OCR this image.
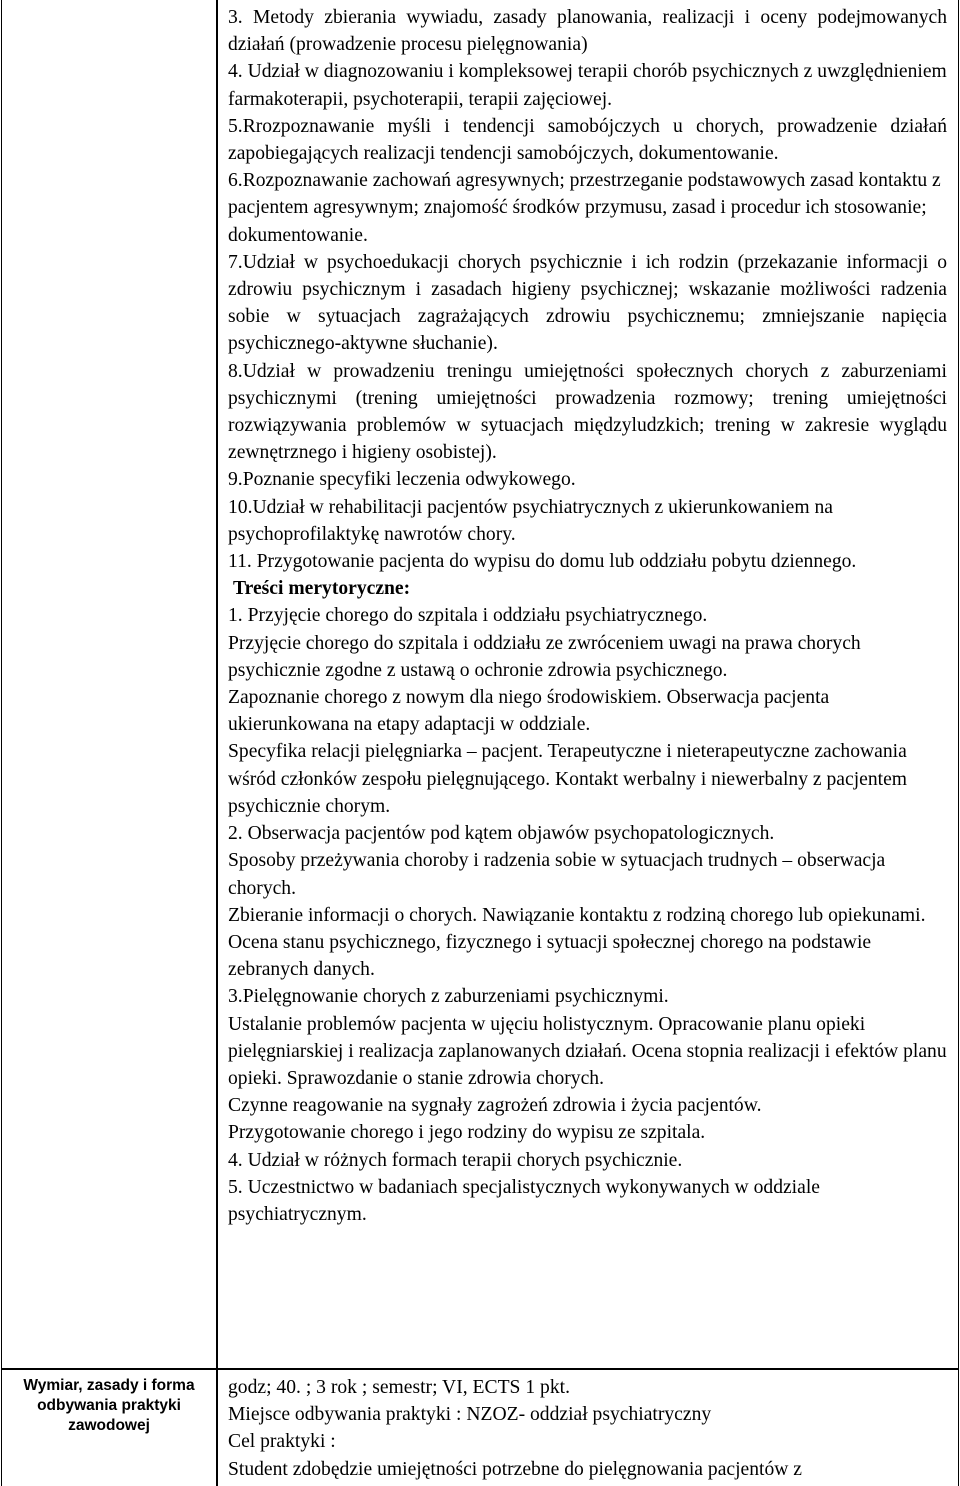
Wymiar, zasady i forma odbywania praktyki zawodowej

3. Metody zbierania wywiadu, zasady planowania, realizacji i oceny podejmowanych działań (prowadzenie procesu pielęgnowania)

4. Udział w diagnozowaniu i kompleksowej terapii chorób psychicznych z uwzględnieniem farmakoterapii, psychoterapii, terapii zajęciowej.

5.Rrozpoznawanie myśli i tendencji samobójczych u chorych, prowadzenie działań zapobiegających realizacji tendencji samobójczych, dokumentowanie.

6.Rozpoznawanie zachowań agresywnych; przestrzeganie podstawowych zasad kontaktu z pacjentem agresywnym; znajomość środków przymusu, zasad i procedur ich stosowanie; dokumentowanie.

7.Udział w psychoedukacji chorych psychicznie i ich rodzin (przekazanie informacji o zdrowiu psychicznym i zasadach higieny psychicznej; wskazanie możliwości radzenia sobie w sytuacjach zagrażających zdrowiu psychicznemu; zmniejszanie napięcia psychicznego-aktywne słuchanie).

8.Udział w prowadzeniu treningu umiejętności społecznych chorych z zaburzeniami psychicznymi (trening umiejętności prowadzenia rozmowy; trening umiejętności rozwiązywania problemów w sytuacjach międzyludzkich; trening w zakresie wyglądu zewnętrznego i higieny osobistej).

9.Poznanie specyfiki leczenia odwykowego.

10.Udział w rehabilitacji pacjentów psychiatrycznych z ukierunkowaniem na psychoprofilaktykę nawrotów chory.

11. Przygotowanie pacjenta do wypisu do domu lub oddziału pobytu dziennego.

Treści merytoryczne:

1. Przyjęcie chorego do szpitala i oddziału psychiatrycznego.

Przyjęcie chorego do szpitala i oddziału ze zwróceniem uwagi na prawa chorych psychicznie zgodne z ustawą o ochronie zdrowia psychicznego.

Zapoznanie chorego z nowym dla niego środowiskiem. Obserwacja pacjenta ukierunkowana na etapy adaptacji w oddziale.

Specyfika relacji pielęgniarka – pacjent. Terapeutyczne i nieterapeutyczne zachowania wśród członków zespołu pielęgnującego. Kontakt werbalny i niewerbalny z pacjentem psychicznie chorym.

2. Obserwacja pacjentów pod kątem objawów psychopatologicznych.

Sposoby przeżywania choroby i radzenia sobie w sytuacjach trudnych – obserwacja chorych.

Zbieranie informacji o chorych. Nawiązanie kontaktu z rodziną chorego lub opiekunami.

Ocena stanu psychicznego, fizycznego i sytuacji społecznej chorego na podstawie zebranych danych.

3.Pielęgnowanie chorych z zaburzeniami psychicznymi.

Ustalanie problemów pacjenta w ujęciu holistycznym. Opracowanie planu opieki pielęgniarskiej i realizacja zaplanowanych działań. Ocena stopnia realizacji i efektów planu opieki. Sprawozdanie o stanie zdrowia chorych.

Czynne reagowanie na sygnały zagrożeń zdrowia i życia pacjentów.

Przygotowanie chorego i jego rodziny do wypisu ze szpitala.

4. Udział w różnych formach terapii chorych psychicznie.

5. Uczestnictwo w badaniach specjalistycznych wykonywanych w oddziale psychiatrycznym.

godz; 40. ; 3 rok ; semestr; VI, ECTS 1 pkt.

Miejsce odbywania praktyki : NZOZ- oddział psychiatryczny

Cel praktyki :

Student zdobędzie umiejętności potrzebne do pielęgnowania pacjentów z
